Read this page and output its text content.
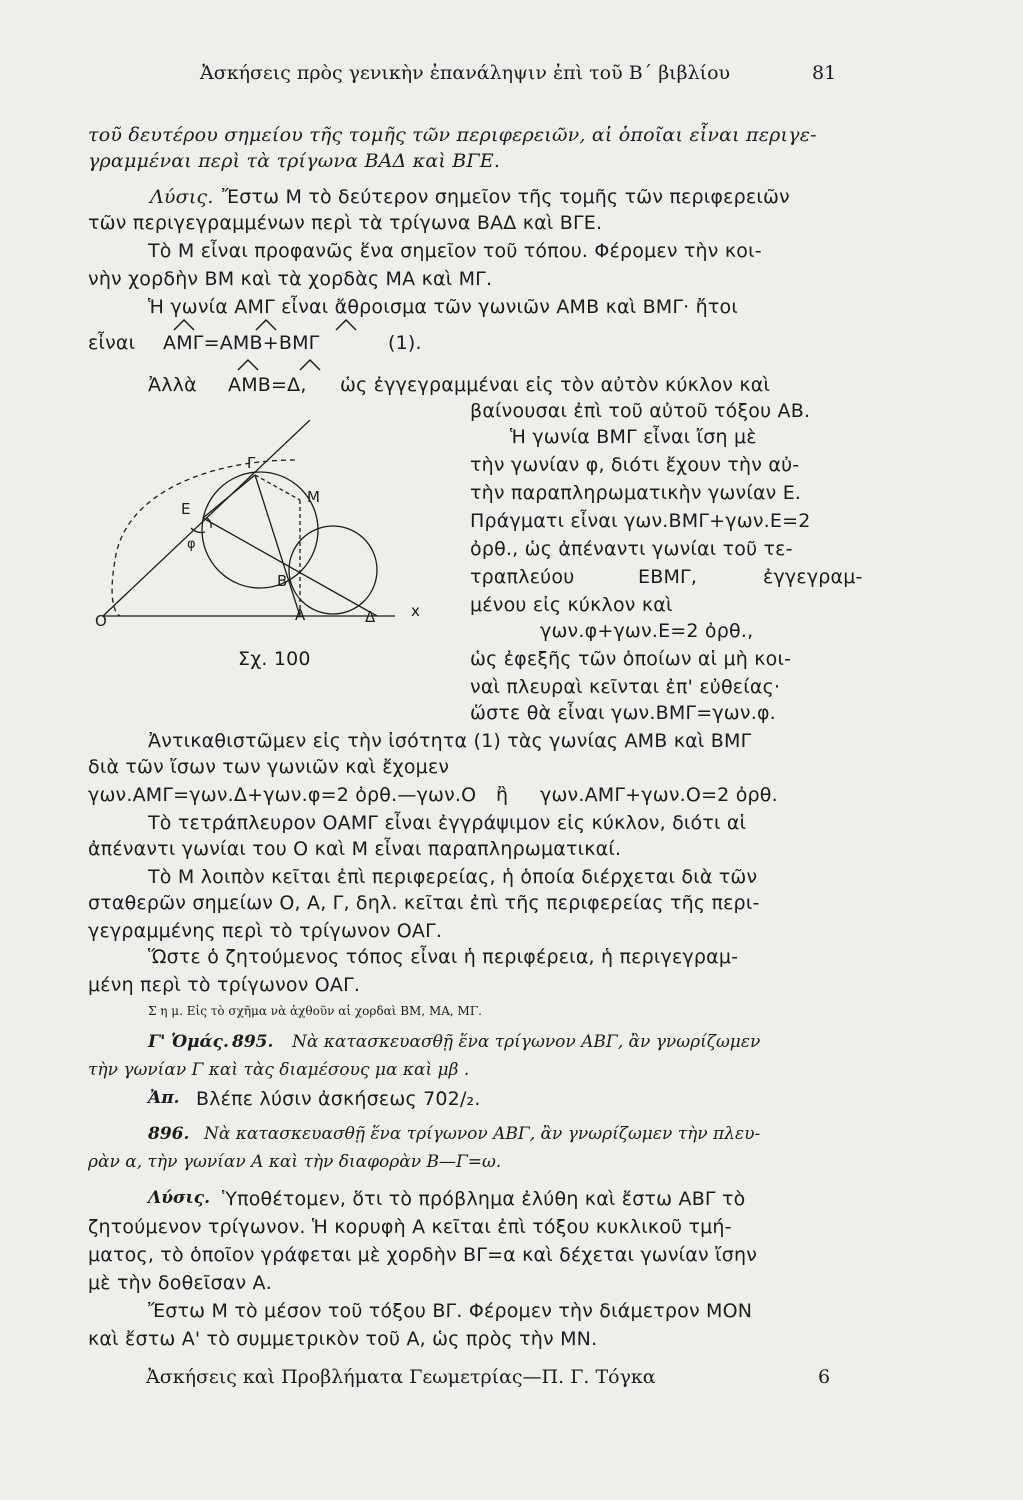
Ἀσκήσεις πρὸς γενικὴν ἐπανάληψιν ἐπὶ τοῦ Β΄ βιβλίου	81
τοῦ δευτέρου σημείου τῆς τομῆς τῶν περιφερειῶν, αἱ ὁποῖαι εἶναι περιγε-
γραμμέναι περὶ τὰ τρίγωνα ΒΑΔ καὶ ΒΓΕ.
Λύσις. Ἔστω Μ τὸ δεύτερον σημεῖον τῆς τομῆς τῶν περιφερειῶν
τῶν περιγεγραμμένων περὶ τὰ τρίγωνα ΒΑΔ καὶ ΒΓΕ.
Τὸ Μ εἶναι προφανῶς ἕνα σημεῖον τοῦ τόπου. Φέρομεν τὴν κοι-
νὴν χορδὴν ΒΜ καὶ τὰ χορδὰς ΜΑ καὶ ΜΓ.
Ἡ γωνία ΑΜΓ εἶναι ἄθροισμα τῶν γωνιῶν ΑΜΒ καὶ ΒΜΓ· ἤτοι
εἶναι ΑΜΓ=ΑΜΒ+ΒΜΓ	(1).
Ἀλλὰ ΑΜΒ=Δ, ὡς ἐγγεγραμμέναι εἰς τὸν αὐτὸν κύκλον καὶ
βαίνουσαι ἐπὶ τοῦ αὐτοῦ τόξου ΑΒ.
Ἡ γωνία ΒΜΓ εἶναι ἴση μὲ
τὴν γωνίαν φ, διότι ἔχουν τὴν αὐ-
τὴν παραπληρωματικὴν γωνίαν Ε.
Πράγματι εἶναι γων.ΒΜΓ+γων.Ε=2
ὀρθ., ὡς ἀπέναντι γωνίαι τοῦ τε-
τραπλεύου	ΕΒΜΓ,	ἐγγεγραμ-
μένου εἰς κύκλον καὶ
γων.φ+γων.Ε=2 ὀρθ.,
ὡς ἐφεξῆς τῶν ὁποίων αἱ μὴ κοι-
ναὶ πλευραὶ κεῖνται ἐπ' εὐθείας·
ὥστε θὰ εἶναι γων.ΒΜΓ=γων.φ.
Ἀντικαθιστῶμεν εἰς τὴν ἰσότητα (1) τὰς γωνίας ΑΜΒ καὶ ΒΜΓ
διὰ τῶν ἴσων των γωνιῶν καὶ ἔχομεν
γων.ΑΜΓ=γων.Δ+γων.φ=2 ὀρθ.—γων.Ο ἢ γων.ΑΜΓ+γων.Ο=2 ὀρθ.
Τὸ τετράπλευρον ΟΑΜΓ εἶναι ἐγγράψιμον εἰς κύκλον, διότι αἱ
ἀπέναντι γωνίαι του Ο καὶ Μ εἶναι παραπληρωματικαί.
Τὸ Μ λοιπὸν κεῖται ἐπὶ περιφερείας, ἡ ὁποία διέρχεται διὰ τῶν
σταθερῶν σημείων Ο, Α, Γ, δηλ. κεῖται ἐπὶ τῆς περιφερείας τῆς περι-
γεγραμμένης περὶ τὸ τρίγωνον ΟΑΓ.
Ὥστε ὁ ζητούμενος τόπος εἶναι ἡ περιφέρεια, ἡ περιγεγραμ-
μένη περὶ τὸ τρίγωνον ΟΑΓ.
Σ η μ. Εἰς τὸ σχῆμα νὰ ἀχθοῦν αἱ χορδαὶ ΒΜ, ΜΑ, ΜΓ.
Γ
Μ
Ε
φ
Β
Ο	Α	Δ x
Σχ. 100
Γ' Ὁμάς. 895. Νὰ κατασκευασθῇ ἕνα τρίγωνον ΑΒΓ, ἂν γνωρίζωμεν
τὴν γωνίαν Γ καὶ τὰς διαμέσους μα καὶ μβ .
Ἀπ. Βλέπε λύσιν ἀσκήσεως 702/₂.
896. Νὰ κατασκευασθῇ ἕνα τρίγωνον ΑΒΓ, ἂν γνωρίζωμεν τὴν πλευ-
ρὰν α, τὴν γωνίαν Α καὶ τὴν διαφορὰν Β—Γ=ω.
Λύσις. Ὑποθέτομεν, ὅτι τὸ πρόβλημα ἐλύθη καὶ ἔστω ΑΒΓ τὸ
ζητούμενον τρίγωνον. Ἡ κορυφὴ Α κεῖται ἐπὶ τόξου κυκλικοῦ τμή-
ματος, τὸ ὁποῖον γράφεται μὲ χορδὴν ΒΓ=α καὶ δέχεται γωνίαν ἴσην
μὲ τὴν δοθεῖσαν Α.
Ἔστω Μ τὸ μέσον τοῦ τόξου ΒΓ. Φέρομεν τὴν διάμετρον ΜΟΝ
καὶ ἔστω Α' τὸ συμμετρικὸν τοῦ Α, ὡς πρὸς τὴν ΜΝ.
Ἀσκήσεις καὶ Προβλήματα Γεωμετρίας—Π. Γ. Τόγκα	6
